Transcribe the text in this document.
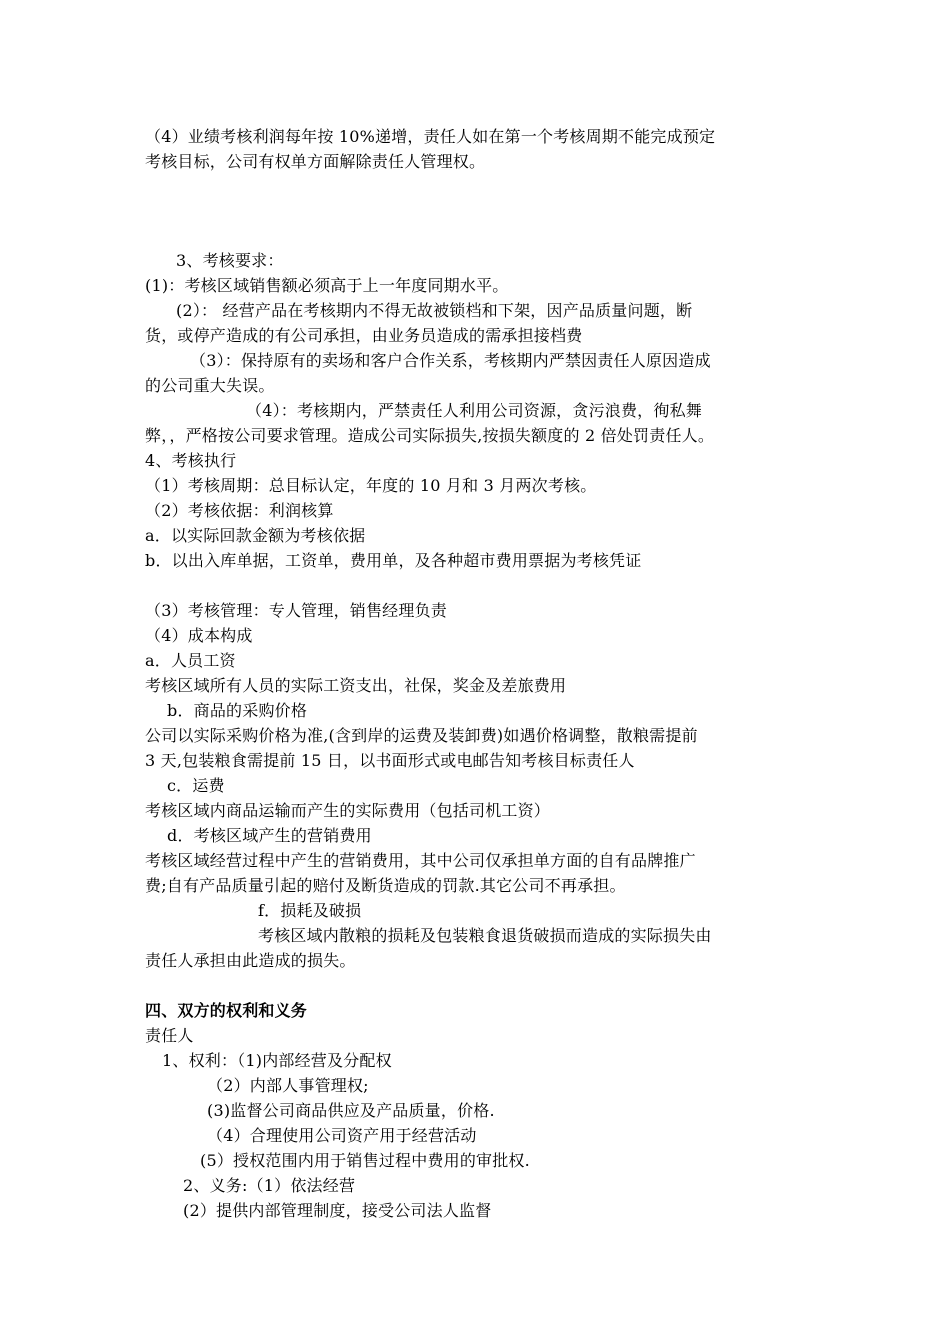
（4）业绩考核利润每年按 10%递增，责任人如在第一个考核周期不能完成预定
考核目标，公司有权单方面解除责任人管理权。
3、考核要求：
(1)：考核区域销售额必须高于上一年度同期水平。
(2）： 经营产品在考核期内不得无故被锁档和下架，因产品质量问题，断
货，或停产造成的有公司承担，由业务员造成的需承担接档费
（3）：保持原有的卖场和客户合作关系，考核期内严禁因责任人原因造成
的公司重大失误。
（4）：考核期内，严禁责任人利用公司资源，贪污浪费，徇私舞
弊，，严格按公司要求管理。造成公司实际损失,按损失额度的 2 倍处罚责任人。
4、考核执行
（1）考核周期：总目标认定，年度的 10 月和 3 月两次考核。
（2）考核依据：利润核算
a．以实际回款金额为考核依据
b．以出入库单据，工资单，费用单，及各种超市费用票据为考核凭证
（3）考核管理：专人管理，销售经理负责
（4）成本构成
a．人员工资
考核区域所有人员的实际工资支出，社保，奖金及差旅费用
b．商品的采购价格
公司以实际采购价格为准,(含到岸的运费及装卸费)如遇价格调整，散粮需提前
3 天,包装粮食需提前 15 日，以书面形式或电邮告知考核目标责任人
c．运费
考核区域内商品运输而产生的实际费用（包括司机工资）
d．考核区域产生的营销费用
考核区域经营过程中产生的营销费用，其中公司仅承担单方面的自有品牌推广
费;自有产品质量引起的赔付及断货造成的罚款.其它公司不再承担。
f．损耗及破损
考核区域内散粮的损耗及包装粮食退货破损而造成的实际损失由
责任人承担由此造成的损失。
四、双方的权利和义务
责任人
1、权利：（1)内部经营及分配权
（2）内部人事管理权;
(3)监督公司商品供应及产品质量，价格.
（4）合理使用公司资产用于经营活动
(5）授权范围内用于销售过程中费用的审批权.
2、义务:（1）依法经营
(2）提供内部管理制度，接受公司法人监督
